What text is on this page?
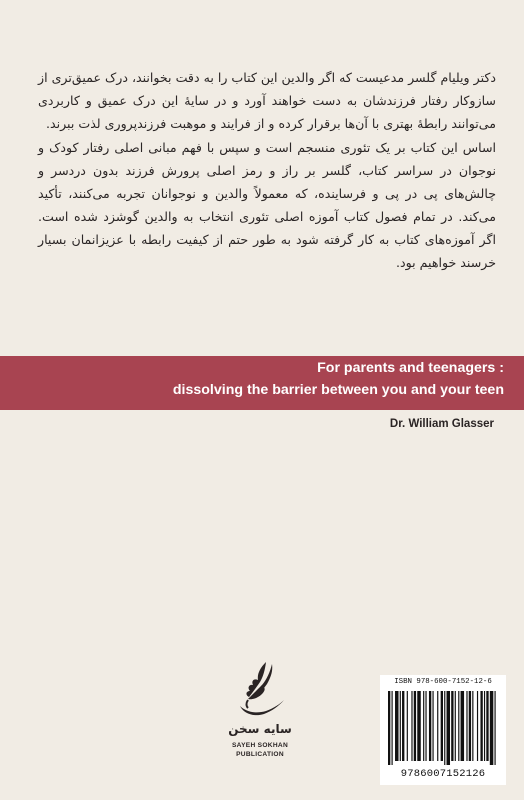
دکتر ویلیام گلسر مدعیست که اگر والدین این کتاب را به دقت بخوانند، درک عمیق‌تری از سازوکار رفتار فرزندشان به دست خواهند آورد و در سایهٔ این درک عمیق و کاربردی می‌توانند رابطهٔ بهتری با آن‌ها برقرار کرده و از فرایند و موهبت فرزندپروری لذت ببرند.

اساس این کتاب بر یک تئوری منسجم است و سپس با فهم مبانی اصلی رفتار کودک و نوجوان در سراسر کتاب، گلسر بر راز و رمز اصلی پرورش فرزند بدون دردسر و چالش‌های پی در پی و فرساینده، که معمولاً والدین و نوجوانان تجربه می‌کنند، تأکید می‌کند. در تمام فصول کتاب آموزه اصلی تئوری انتخاب به والدین گوشزد شده است. اگر آموزه‌های کتاب به کار گرفته شود به طور حتم از کیفیت رابطه با عزیزانمان بسیار خرسند خواهیم بود.

For parents and teenagers :
dissolving the barrier between you and your teen
Dr. William Glasser
سایه سخن
SAYEH SOKHAN
PUBLICATION
ISBN 978-600-7152-12-6
9786007152126
